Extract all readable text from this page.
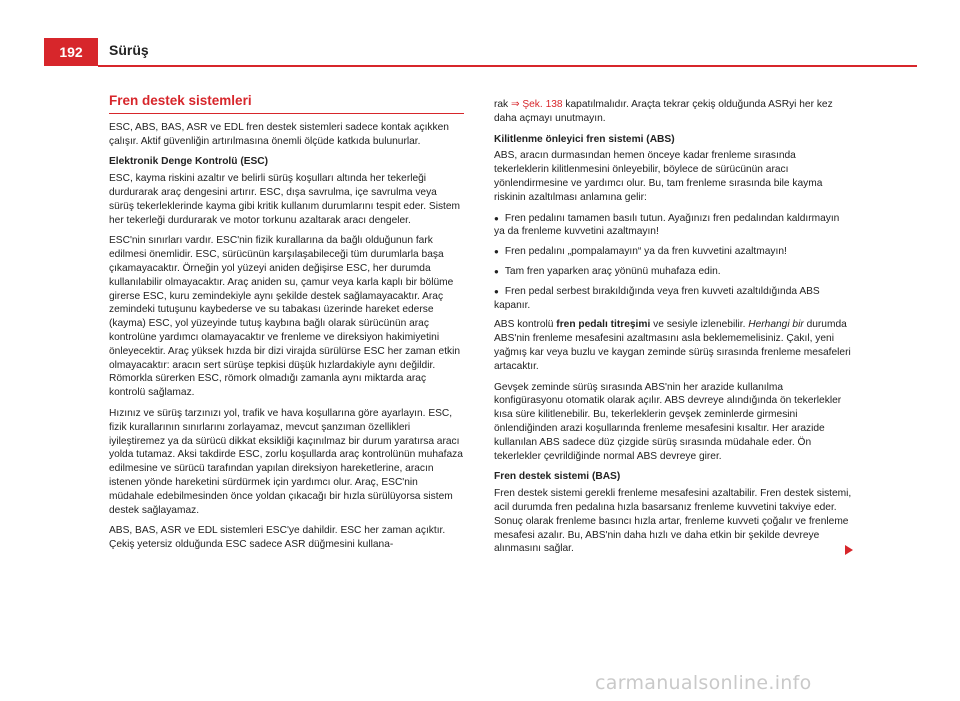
192	Sürüş
Fren destek sistemleri

ESC, ABS, BAS, ASR ve EDL fren destek sistemleri sadece kontak açıkken çalışır. Aktif güvenliğin artırılmasına önemli ölçüde katkıda bulunurlar.

Elektronik Denge Kontrolü (ESC)

ESC, kayma riskini azaltır ve belirli sürüş koşulları altında her tekerleği durdurarak araç dengesini artırır. ESC, dışa savrulma, içe savrulma veya sürüş tekerleklerinde kayma gibi kritik kullanım durumlarını tespit eder. Sistem her tekerleği durdurarak ve motor torkunu azaltarak aracı dengeler.

ESC'nin sınırları vardır. ESC'nin fizik kurallarına da bağlı olduğunun fark edilmesi önemlidir. ESC, sürücünün karşılaşabileceği tüm durumlarla başa çıkamayacaktır. Örneğin yol yüzeyi aniden değişirse ESC, her durumda kullanılabilir olmayacaktır. Araç aniden su, çamur veya karla kaplı bir bölüme girerse ESC, kuru zemindekiyle aynı şekilde destek sağlamayacaktır. Araç zemindeki tutuşunu kaybederse ve su tabakası üzerinde hareket ederse (kayma) ESC, yol yüzeyinde tutuş kaybına bağlı olarak sürücünün araç kontrolüne yardımcı olamayacaktır ve frenleme ve direksiyon hakimiyetini önleyecektir. Araç yüksek hızda bir dizi virajda sürülürse ESC her zaman etkin olmayacaktır: aracın sert sürüşe tepkisi düşük hızlardakiyle aynı değildir. Römorkla sürerken ESC, römork olmadığı zamanla aynı miktarda araç kontrolü sağlamaz.

Hızınız ve sürüş tarzınızı yol, trafik ve hava koşullarına göre ayarlayın. ESC, fizik kurallarının sınırlarını zorlayamaz, mevcut şanzıman özellikleri iyileştiremez ya da sürücü dikkat eksikliği kaçınılmaz bir durum yaratırsa aracı yolda tutamaz. Aksi takdirde ESC, zorlu koşullarda araç kontrolünün muhafaza edilmesine ve sürücü tarafından yapılan direksiyon hareketlerine, aracın istenen yönde hareketini sürdürmek için yardımcı olur. Araç, ESC'nin müdahale edebilmesinden önce yoldan çıkacağı bir hızla sürülüyorsa sistem destek sağlayamaz.

ABS, BAS, ASR ve EDL sistemleri ESC'ye dahildir. ESC her zaman açıktır. Çekiş yetersiz olduğunda ESC sadece ASR düğmesini kullana-

rak ⇒ Şek. 138 kapatılmalıdır. Araçta tekrar çekiş olduğunda ASRyi her kez daha açmayı unutmayın.

Kilitlenme önleyici fren sistemi (ABS)

ABS, aracın durmasından hemen önceye kadar frenleme sırasında tekerleklerin kilitlenmesini önleyebilir, böylece de sürücünün aracı yönlendirmesine ve yardımcı olur. Bu, tam frenleme sırasında bile kayma riskinin azaltılması anlamına gelir:

● Fren pedalını tamamen basılı tutun. Ayağınızı fren pedalından kaldırmayın ya da frenleme kuvvetini azaltmayın!

● Fren pedalını „pompalamayın“ ya da fren kuvvetini azaltmayın!

● Tam fren yaparken araç yönünü muhafaza edin.

● Fren pedal serbest bırakıldığında veya fren kuvveti azaltıldığında ABS kapanır.

ABS kontrolü fren pedalı titreşimi ve sesiyle izlenebilir. Herhangi bir durumda ABS'nin frenleme mesafesini azaltmasını asla beklememelisiniz. Çakıl, yeni yağmış kar veya buzlu ve kaygan zeminde sürüş sırasında frenleme mesafeleri artacaktır.

Gevşek zeminde sürüş sırasında ABS'nin her arazide kullanılma konfigürasyonu otomatik olarak açılır. ABS devreye alındığında ön tekerlekler kısa süre kilitlenebilir. Bu, tekerleklerin gevşek zeminlerde girmesini önlendiğinden arazi koşullarında frenleme mesafesini kısaltır. Her arazide kullanılan ABS sadece düz çizgide sürüş sırasında müdahale eder. Ön tekerlekler çevrildiğinde normal ABS devreye girer.

Fren destek sistemi (BAS)

Fren destek sistemi gerekli frenleme mesafesini azaltabilir. Fren destek sistemi, acil durumda fren pedalına hızla basarsanız frenleme kuvvetini takviye eder. Sonuç olarak frenleme basıncı hızla artar, frenleme kuvveti çoğalır ve frenleme mesafesi azalır. Bu, ABS'nin daha hızlı ve daha etkin bir şekilde devreye alınmasını sağlar.

carmanualsonline.info
